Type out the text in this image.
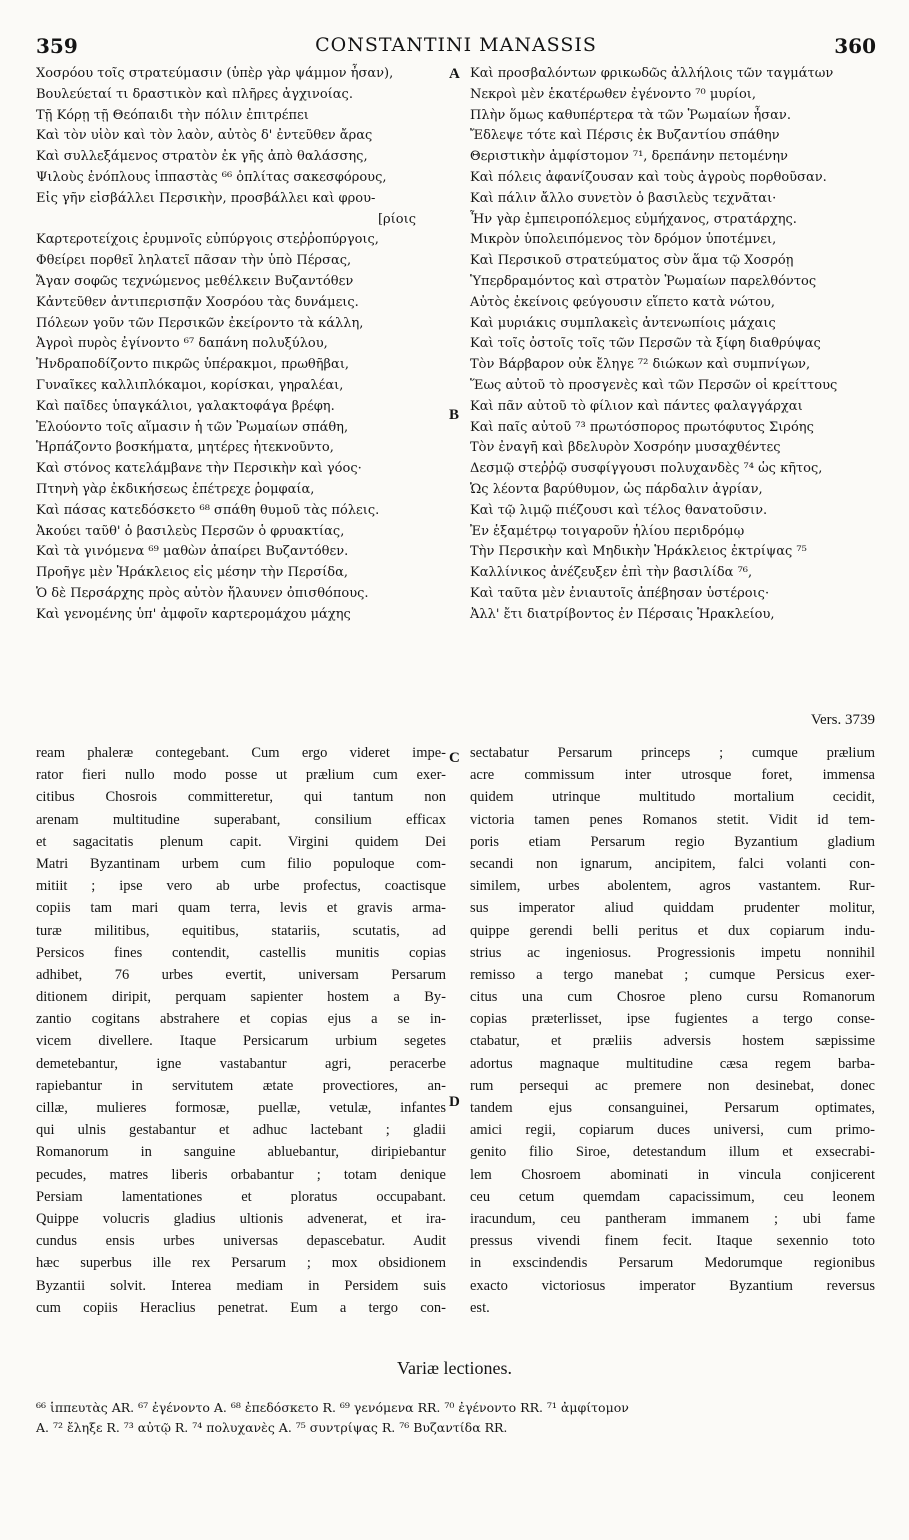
359	CONSTANTINI MANASSIS	360
Χοσρόου τοῖς στρατεύμασιν (ὑπὲρ γὰρ ψάμμον ἦσαν),
Βουλεύεταί τι δραστικὸν καὶ πλῆρες ἀγχινοίας.
Τῇ Κόρῃ τῇ Θεόπαιδι τὴν πόλιν ἐπιτρέπει
Καὶ τὸν υἱὸν καὶ τὸν λαὸν, αὐτὸς δ' ἐντεῦθεν ἄρας
Καὶ συλλεξάμενος στρατὸν ἐκ γῆς ἀπὸ θαλάσσης,
Ψιλοὺς ἐνόπλους ἱππαστὰς ⁶⁶ ὁπλίτας σακεσφόρους,
Εἰς γῆν εἰσβάλλει Περσικὴν, προσβάλλει καὶ φρου-
[ρίοις
Καρτερoτείχοις ἐρυμνοῖς εὐπύργοις στεῤῥοπύργοις,
Φθείρει πορθεῖ ληλατεῖ πᾶσαν τὴν ὑπὸ Πέρσας,
Ἄγαν σοφῶς τεχνώμενος μεθέλκειν Βυζαντόθεν
Κἀντεῦθεν ἀντιπερισπᾷν Χοσρόου τὰς δυνάμεις.
Πόλεων γοῦν τῶν Περσικῶν ἐκείροντο τὰ κάλλη,
Ἀγροὶ πυρὸς ἐγίνοντο ⁶⁷ δαπάνη πολυξύλου,
Ἠνδραποδίζοντο πικρῶς ὑπέρακμοι, πρωθῆβαι,
Γυναῖκες καλλιπλόκαμοι, κορίσκαι, γηραλέαι,
Καὶ παῖδες ὑπαγκάλιοι, γαλακτοφάγα βρέφη.
Ἐλούοντο τοῖς αἵμασιν ἡ τῶν Ῥωμαίων σπάθη,
Ἡρπάζοντο βοσκήματα, μητέρες ἠτεκνοῦντο,
Καὶ στόνος κατελάμβανε τὴν Περσικὴν καὶ γόος·
Πτηνὴ γὰρ ἐκδικήσεως ἐπέτρεχε ῥομφαία,
Καὶ πάσας κατεδόσκετο ⁶⁸ σπάθη θυμοῦ τὰς πόλεις.
Ἀκούει ταῦθ' ὁ βασιλεὺς Περσῶν ὁ φρυακτίας,
Καὶ τὰ γινόμενα ⁶⁹ μαθὼν ἀπαίρει Βυζαντόθεν.
Προῆγε μὲν Ἡράκλειος εἰς μέσην τὴν Περσίδα,
Ὁ δὲ Περσάρχης πρὸς αὐτὸν ἤλαυνεν ὀπισθόπους.
Καὶ γενομένης ὑπ' ἀμφοῖν καρτερομάχου μάχης
Καὶ προσβαλόντων φρικωδῶς ἀλλήλοις τῶν ταγμάτων
Νεκροὶ μὲν ἑκατέρωθεν ἐγένοντο ⁷⁰ μυρίοι,
Πλὴν ὅμως καθυπέρτερα τὰ τῶν Ῥωμαίων ἦσαν.
Ἔδλεψε τότε καὶ Πέρσις ἐκ Βυζαντίου σπάθην
Θεριστικὴν ἀμφίστομον ⁷¹, δρεπάνην πετομένην
Καὶ πόλεις ἀφανίζουσαν καὶ τοὺς ἀγροὺς πορθοῦσαν.
Καὶ πάλιν ἄλλο συνετὸν ὁ βασιλεὺς τεχνᾶται·
Ἦν γὰρ ἐμπειροπόλεμος εὐμήχανος, στρατάρχης.
Μικρὸν ὑπολειπόμενος τὸν δρόμον ὑποτέμνει,
Καὶ Περσικοῦ στρατεύματος σὺν ἅμα τῷ Χοσρόῃ
Ὑπερδραμόντος καὶ στρατὸν Ῥωμαίων παρελθόντος
Αὐτὸς ἐκείνοις φεύγουσιν εἵπετο κατὰ νώτου,
Καὶ μυριάκις συμπλακεὶς ἀντενωπίοις μάχαις
Καὶ τοῖς ὀστοῖς τοῖς τῶν Περσῶν τὰ ξίφη διαθρύψας
Τὸν Βάρβαρον οὐκ ἔληγε ⁷² διώκων καὶ συμπνίγων,
Ἕως αὐτοῦ τὸ προσγενὲς καὶ τῶν Περσῶν οἱ κρείττους
Καὶ πᾶν αὐτοῦ τὸ φίλιον καὶ πάντες φαλαγγάρχαι
Καὶ παῖς αὐτοῦ ⁷³ πρωτόσπορος πρωτόφυτος Σιρόης
Τὸν ἐναγῆ καὶ βδελυρὸν Χοσρόην μυσαχθέντες
Δεσμῷ στεῤῥῷ συσφίγγουσι πολυχανδὲς ⁷⁴ ὡς κῆτος,
Ὡς λέοντα βαρύθυμον, ὡς πάρδαλιν ἀγρίαν,
Καὶ τῷ λιμῷ πιέζουσι καὶ τέλος θανατοῦσιν.
Ἐν ἑξαμέτρῳ τοιγαροῦν ἡλίου περιδρόμῳ
Τὴν Περσικὴν καὶ Μηδικὴν Ἡράκλειος ἐκτρίψας ⁷⁵
Καλλίνικος ἀνέζευξεν ἐπὶ τὴν βασιλίδα ⁷⁶,
Καὶ ταῦτα μὲν ἐνιαυτοῖς ἀπέβησαν ὑστέροις·
Ἀλλ' ἔτι διατρίβοντος ἐν Πέρσαις Ἡρακλείου,
A
B
C
D
Vers. 3739
ream phaleræ contegebant. Cum ergo videret impe-
rator fieri nullo modo posse ut prælium cum exer-
citibus Chosrois committeretur, qui tantum non
arenam multitudine superabant, consilium efficax
et sagacitatis plenum capit. Virgini quidem Dei
Matri Byzantinam urbem cum filio populoque com-
mitiit ; ipse vero ab urbe profectus, coactisque
copiis tam mari quam terra, levis et gravis arma-
turæ militibus, equitibus, statariis, scutatis, ad
Persicos fines contendit, castellis munitis copias
adhibet, 76 urbes evertit, universam Persarum
ditionem diripit, perquam sapienter hostem a By-
zantio cogitans abstrahere et copias ejus a se in-
vicem divellere. Itaque Persicarum urbium segetes
demetebantur, igne vastabantur agri, peracerbe
rapiebantur in servitutem ætate provectiores, an-
cillæ, mulieres formosæ, puellæ, vetulæ, infantes
qui ulnis gestabantur et adhuc lactebant ; gladii
Romanorum in sanguine abluebantur, diripiebantur
pecudes, matres liberis orbabantur ; totam denique
Persiam lamentationes et ploratus occupabant.
Quippe volucris gladius ultionis advenerat, et ira-
cundus ensis urbes universas depascebatur. Audit
hæc superbus ille rex Persarum ; mox obsidionem
Byzantii solvit. Interea mediam in Persidem suis
cum copiis Heraclius penetrat. Eum a tergo con-
sectabatur Persarum princeps ; cumque prælium
acre commissum inter utrosque foret, immensa
quidem utrinque multitudo mortalium cecidit,
victoria tamen penes Romanos stetit. Vidit id tem-
poris etiam Persarum regio Byzantium gladium
secandi non ignarum, ancipitem, falci volanti con-
similem, urbes abolentem, agros vastantem. Rur-
sus imperator aliud quiddam prudenter molitur,
quippe gerendi belli peritus et dux copiarum indu-
strius ac ingeniosus. Progressionis impetu nonnihil
remisso a tergo manebat ; cumque Persicus exer-
citus una cum Chosroe pleno cursu Romanorum
copias præterlisset, ipse fugientes a tergo conse-
ctabatur, et præliis adversis hostem sæpissime
adortus magnaque multitudine cæsa regem barba-
rum persequi ac premere non desinebat, donec
tandem ejus consanguinei, Persarum optimates,
amici regii, copiarum duces universi, cum primo-
genito filio Siroe, detestandum illum et exsecrabi-
lem Chosroem abominati in vincula conjicerent
ceu cetum quemdam capacissimum, ceu leonem
iracundum, ceu pantheram immanem ; ubi fame
pressus vivendi finem fecit. Itaque sexennio toto
in exscindendis Persarum Medorumque regionibus
exacto victoriosus imperator Byzantium reversus
est.
Variæ lectiones.
⁶⁶ ἱππευτὰς AR. ⁶⁷ ἐγένοντο A. ⁶⁸ ἐπεδόσκετο R. ⁶⁹ γενόμενα RR. ⁷⁰ ἐγένοντο RR. ⁷¹ ἀμφίτομον
A. ⁷² ἔληξε R. ⁷³ αὐτῷ R. ⁷⁴ πολυχανὲς A. ⁷⁵ συντρίψας R. ⁷⁶ Βυζαντίδα RR.
